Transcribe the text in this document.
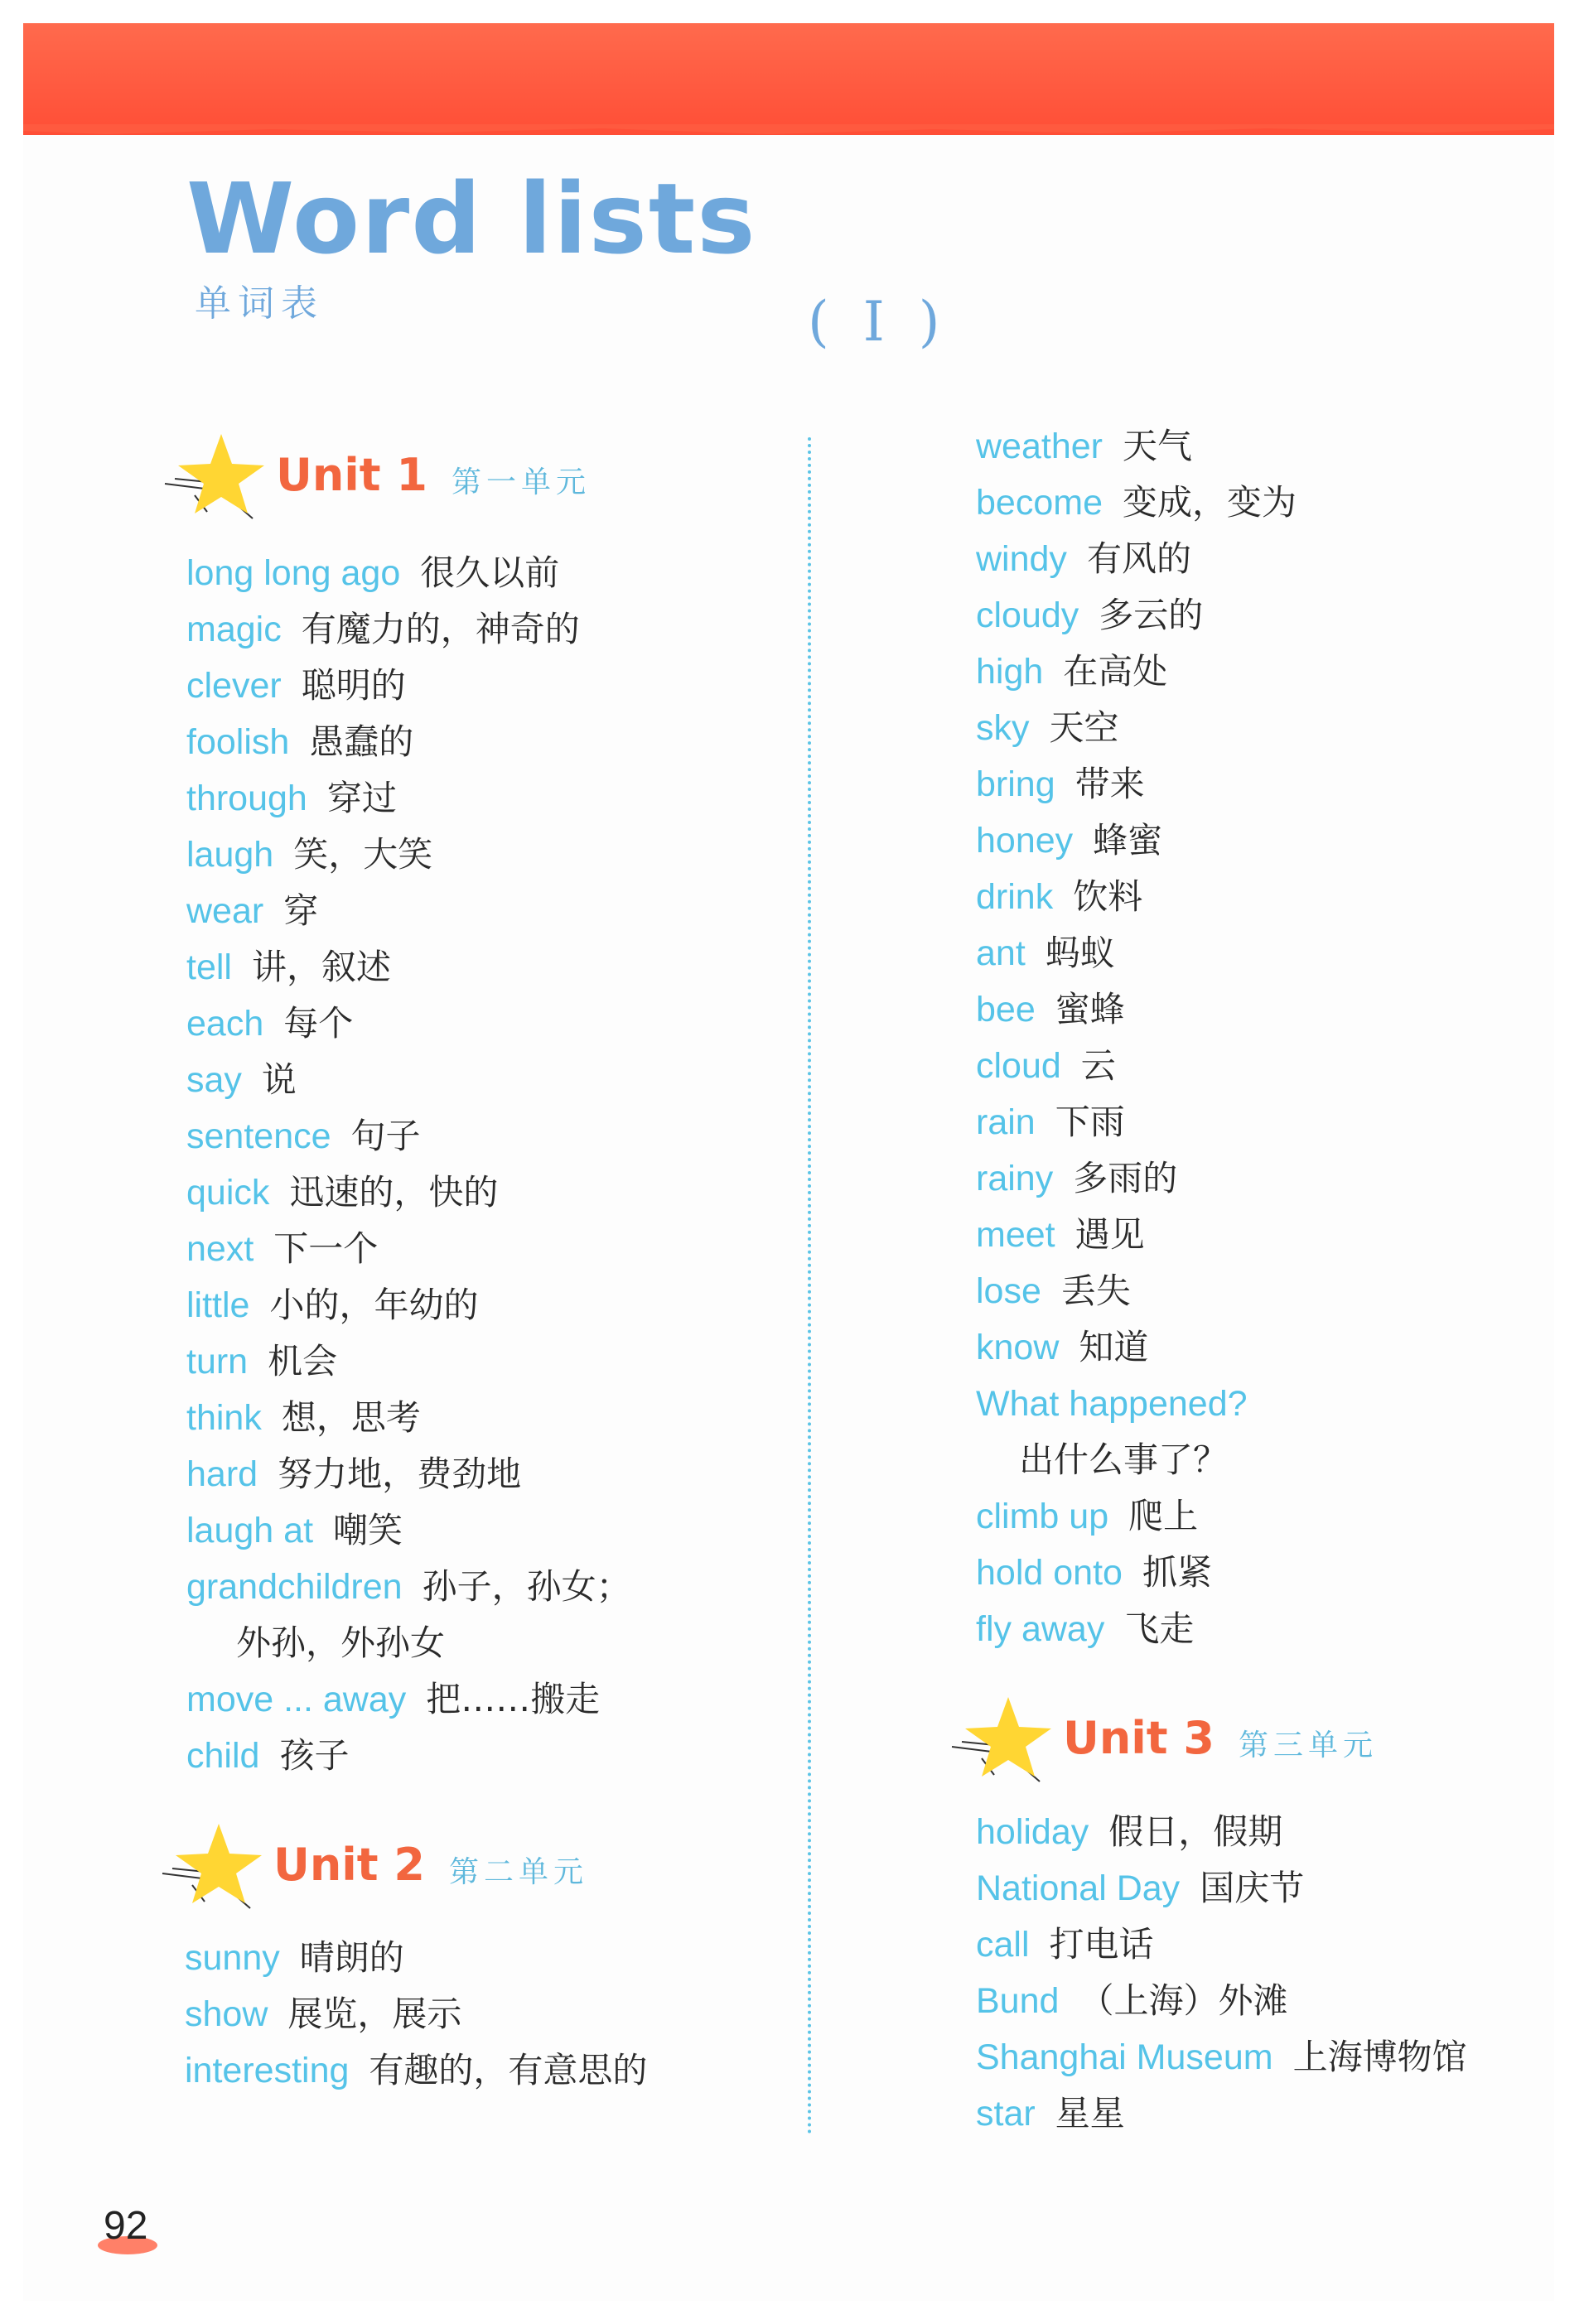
Word lists
单词表	( I )
Unit 1 第一单元
long long ago 很久以前
magic 有魔力的，神奇的
clever 聪明的
foolish 愚蠢的
through 穿过
laugh 笑，大笑
wear 穿
tell 讲，叙述
each 每个
say 说
sentence 句子
quick 迅速的，快的
next 下一个
little 小的，年幼的
turn 机会
think 想，思考
hard 努力地，费劲地
laugh at 嘲笑
grandchildren 孙子，孙女；
外孙，外孙女
move ... away 把……搬走
child 孩子
Unit 2 第二单元
sunny 晴朗的
show 展览，展示
interesting 有趣的，有意思的
weather 天气
become 变成，变为
windy 有风的
cloudy 多云的
high 在高处
sky 天空
bring 带来
honey 蜂蜜
drink 饮料
ant 蚂蚁
bee 蜜蜂
cloud 云
rain 下雨
rainy 多雨的
meet 遇见
lose 丢失
know 知道
What happened?
出什么事了？
climb up 爬上
hold onto 抓紧
fly away 飞走
Unit 3 第三单元
holiday 假日，假期
National Day 国庆节
call 打电话
Bund （上海）外滩
Shanghai Museum 上海博物馆
star 星星
92
